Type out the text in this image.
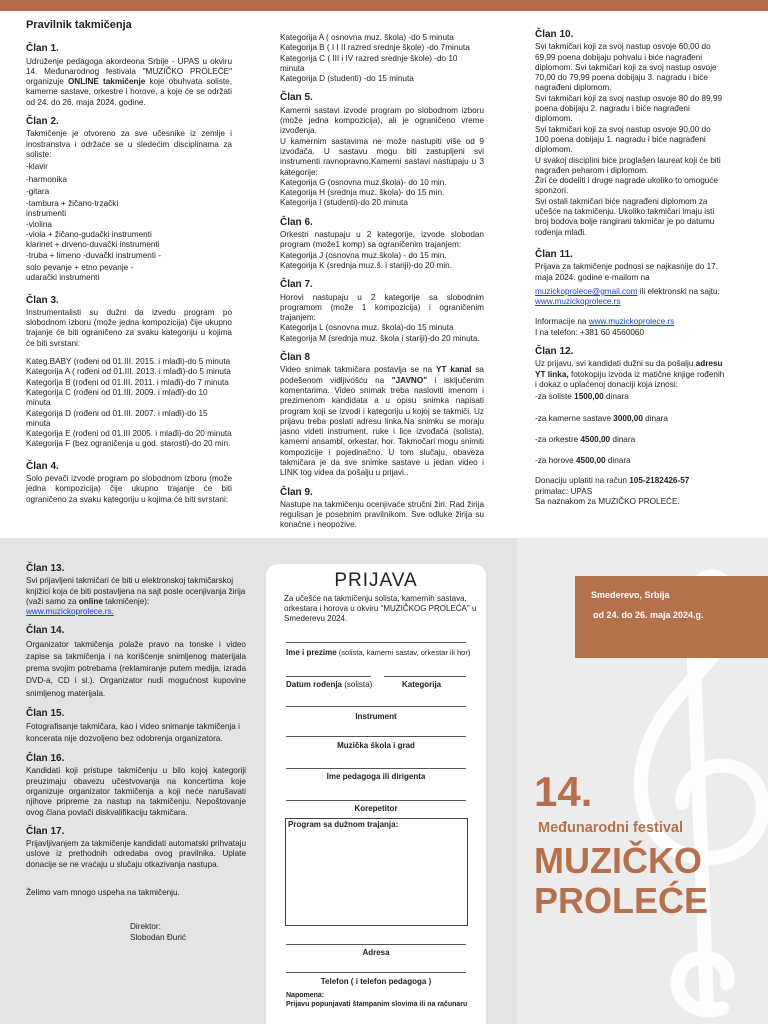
Pravilnik takmičenja

Član 1.

Udruženje pedagoga akordeona Srbije - UPAS u okviru 14. Međunarodnog festivala "MUZIČKO PROLEĆE" organizuje ONLINE takmičenje koje obuhvata soliste, kamerne sastave, orkestre i horove, a koje će se održati od 24. do 26. maja 2024. godine.

Član 2.

Takmičenje je otvoreno za sve učesnike iz zemlje i inostranstva i održaće se u sledećim disciplinama za soliste:

-klavir

-harmonika

-gitara

-tambura + žičano-trzački

instrumenti

-violina

-viola + žičano-gudački instrumenti

klarinet + drveno-duvački instrumenti

-truba + limeno -duvački instrumenti -

solo pevanje + etno pevanje -

udarački instrumenti

Član 3.

Instrumentalisti su dužni da izvedu program po slobodnom izboru (može jedna kompozicija) čije ukupno trajanje će biti ograničeno za svaku kategoriju u kojima će biti svrstani:

Kateg.BABY (rođeni od 01.III. 2015. i mlađi)-do 5 minuta

Kategorija A ( rođeni od 01.III. 2013. i mlađi)-do 5 minuta

Kategorija B (rođeni od 01.III. 2011. i mlađi)-do 7 minuta

Kategorija C (rođeni od 01.III. 2009. i mlađi)-do 10 minuta

Kategorija D (rođeni od 01.III. 2007. i mlađi)-do 15 minuta

Kategorija E (rođeni od 01.III 2005. i mlađi)-do 20 minuta

Kategorija F (bez ograničenja u god. starosti)-do 20 min.

Član 4.

Solo pevači izvode program po slobodnom izboru (može jedna kompozicija) čije ukupno trajanje će biti ograničeno za svaku kategoriju u kojima će biti svrstani:

Kategorija A ( osnovna muz. škola) -do 5 minuta

Kategorija B ( I I II razred srednje škole) -do 7minuta

Kategorija C ( III i IV razred srednje škole) -do 10 minuta

Kategorija D (studenti) -do 15 minuta

Član 5.

Kamerni sastavi izvode program po slobodnom izboru (može jedna kompozicija), ali je ograničeno vreme izvođenja.

U kamernim sastavima ne može nastupiti više od 9 izvođača. U sastavu mogu biti zastupljeni svi instrumenti ravnopravno.Kamerni sastavi nastupaju u 3 kategorije:

Kategorija G (osnovna muz.škola)- do 10 min.

Kategorija H (srednja muz. škola)- do 15 min.

Kategorija I (studenti)-do 20 minuta

Član 6.

Orkestri nastupaju u 2 kategorije, izvode slobodan program (može1 komp) sa ograničenim trajanjem:

Kategorija J (osnovna muz.škola) - do 15 min.

Kategorija K (srednja muz.š. i stariji)-do 20 min.

Član 7.

Horovi nastupaju u 2 kategorije sa slobodnim programom (može 1 kompozicija) i ograničenim trajanjem:

Kategorija L (osnovna muz. škola)-do 15 minuta

Kategorija M (srednja muz. škola i stariji)-do 20 minuta.

Član 8

Video snimak takmičara postavlja se na YT kanal sa podešenom vidljivošću na "JAVNO" i isključenim komentarima. Video snimak treba nasloviti imenom i prezimenom kandidata a u opisu snimka napisati program koji se izvodi i kategoriju u kojoj se takmiči. Uz prijavu treba poslati adresu linka.Na snimku se moraju jasno videti instrument, ruke i lice izvođača (solista), kamerni ansambl, orkestar, hor. Takmočari mogu snimiti kompozicije i pojedinačno. U tom slučaju, obaveza takmičara je da sve snimke sastave u jedan video i LINK tog videa da pošalju u prijavi..

Član 9.

Nastupe na takmičenju ocenjivaće stručni žiri. Rad žirija regulisan je posebnim pravilnikom. Sve odluke žirija su konačne i neopozive.

Član 10.

Svi takmičari koji za svoj nastup osvoje 60,00 do 69,99 poena dobijaju pohvalu i biće nagrađeni diplomom. Svi takmičari koji za svoj nastup osvoje 70,00 do 79,99 poena dobijaju 3. nagradu i biće nagrađeni diplomom.

Svi takmičari koji za svoj nastup osvoje 80 do 89,99 poena dobijaju 2. nagradu i biće nagrađeni diplomom.

Svi takmičari koji za svoj nastup osvoje 90,00 do 100 poena dobijaju 1. nagradu i biće nagrađeni diplomom.

U svakoj disciplini biće proglašen laureat koji će biti nagrađen peharom i diplomom.

Žiri će dodeliti i druge nagrade ukoliko to omoguće sponzori.

Svi ostali takmičari biće nagrađeni diplomom za učešće na takmičenju. Ukoliko takmičari imaju isti broj bodova bolje rangirani takmičar je po datumu rođenja mlađi.

Član 11.

Prijava za takmičenje podnosi se najkasnije do 17. maja 2024. godine e-mailom na

muzickoprolece@gmail.com ili elektronski na sajtu: www.muzickoprolece.rs

Informacije na www.muzickoprolece.rs

I na telefon: +381 60 4560060

Član 12.

Uz prijavu, svi kandidati dužni su da pošalju adresu YT linka, fotokopiju izvoda iz matične knjige rođenih i dokaz o uplaćenoj donaciji koja iznosi:

-za soliste 1500,00 dinara

-za kamerne sastave 3000,00 dinara

-za orkestre 4500,00 dinara

-za horove 4500,00 dinara

Donaciju uplatiti na račun 105-2182426-57

primalac: UPAS

Sa naznakom za MUZIČKO PROLEĆE.

Član 13.

Svi prijavljeni takmičari će biti u elektronskoj takmičarskoj knjižici koja će biti postavljena na sajt posle ocenjivanja žirija (važi samo za online takmičenje):

www.muzickoprolece.rs.

Član 14.

Organizator takmičenja polaže pravo na tonske i video zapise sa takmičenja i na korišćenje snimljenog materijala prema svojim potrebama (reklamiranje putem medija, izrada DVD-a, CD i sl.). Organizator nudi mogućnost kupovine snimljenog materijala.

Član 15.

Fotografisanje takmičara, kao i video snimanje takmičenja i koncerata nije dozvoljeno bez odobrenja organizatora.

Član 16.

Kandidati koji pristupe takmičenju u bilo kojoj kategoriji preuzimaju obavezu učestvovanja na koncertima koje organizuje organizator takmičenja a koji neće narušavati njihove pripreme za nastup na takmičenju. Nepoštovanje ovog člana povlači diskvalifikaciju takmičara.

Član 17.

Prijavljivanjem za takmičenje kandidati automatski prihvataju uslove iz prethodnih odredaba ovog pravilnika. Uplate donacije se ne vraćaju u slučaju otkazivanja nastupa.

Želimo vam mnogo uspeha na takmičenju.

Direktor:

Slobodan Đurić

PRIJAVA
Za učešće na takmičenju solista, kamernih sastava, orkestara i horova u okviru "MUZIČKOG PROLEĆA" u Smederevu 2024.
Ime i prezime (solista, kamerni sastav, orkestar ili hor)
Datum rođenja (solista)	Kategorija
Instrument
Muzička škola i grad
Ime pedagoga ili dirigenta
Korepetitor
Program sa dužnom trajanja:
Adresa
Telefon ( i telefon pedagoga )
Napomena:
Prijavu popunjavati štampanim slovima ili na računaru
Smederevo, Srbija
od 24. do 26. maja 2024.g.
14.
Međunarodni festival
MUZIČKO
PROLEĆE
